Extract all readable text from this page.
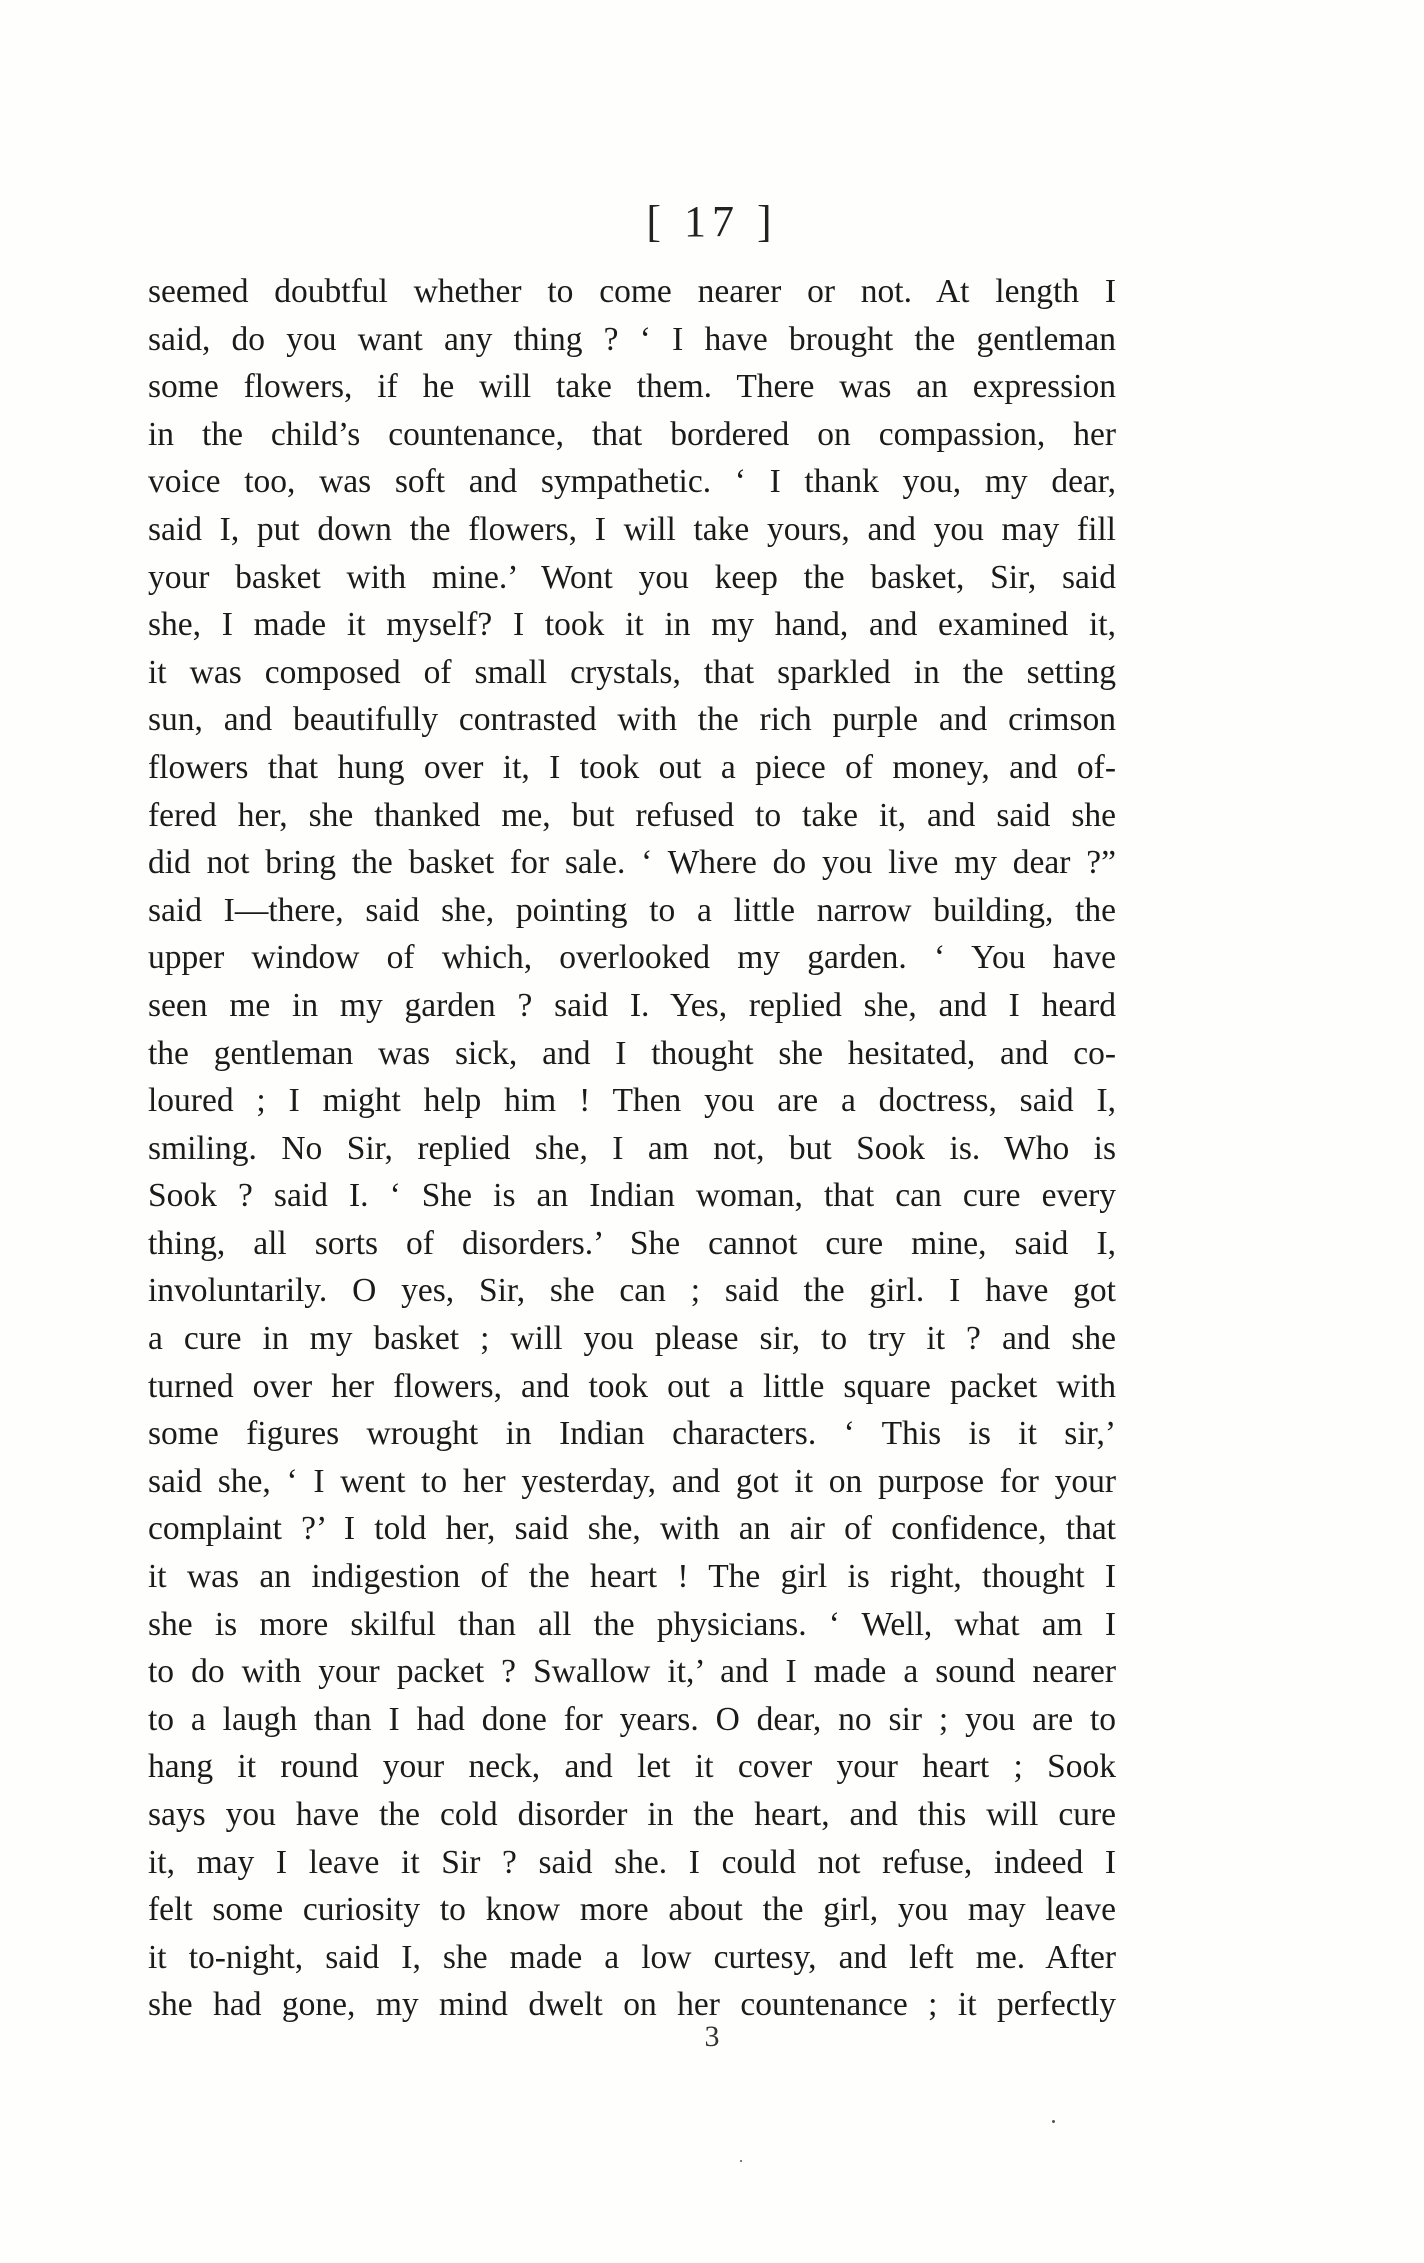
[ 17 ]
seemed doubtful whether to come nearer or not. At length I
said, do you want any thing ? ‘ I have brought the gentleman
some flowers, if he will take them. There was an expression
in the child’s countenance, that bordered on compassion, her
voice too, was soft and sympathetic. ‘ I thank you, my dear,
said I, put down the flowers, I will take yours, and you may fill
your basket with mine.’ Wont you keep the basket, Sir, said
she, I made it myself? I took it in my hand, and examined it,
it was composed of small crystals, that sparkled in the setting
sun, and beautifully contrasted with the rich purple and crimson
flowers that hung over it, I took out a piece of money, and of-
fered her, she thanked me, but refused to take it, and said she
did not bring the basket for sale. ‘ Where do you live my dear ?”
said I—there, said she, pointing to a little narrow building, the
upper window of which, overlooked my garden. ‘ You have
seen me in my garden ? said I. Yes, replied she, and I heard
the gentleman was sick, and I thought she hesitated, and co-
loured ; I might help him ! Then you are a doctress, said I,
smiling. No Sir, replied she, I am not, but Sook is. Who is
Sook ? said I. ‘ She is an Indian woman, that can cure every
thing, all sorts of disorders.’ She cannot cure mine, said I,
involuntarily. O yes, Sir, she can ; said the girl. I have got
a cure in my basket ; will you please sir, to try it ? and she
turned over her flowers, and took out a little square packet with
some figures wrought in Indian characters. ‘ This is it sir,’
said she, ‘ I went to her yesterday, and got it on purpose for your
complaint ?’ I told her, said she, with an air of confidence, that
it was an indigestion of the heart ! The girl is right, thought I
she is more skilful than all the physicians. ‘ Well, what am I
to do with your packet ? Swallow it,’ and I made a sound nearer
to a laugh than I had done for years. O dear, no sir ; you are to
hang it round your neck, and let it cover your heart ; Sook
says you have the cold disorder in the heart, and this will cure
it, may I leave it Sir ? said she. I could not refuse, indeed I
felt some curiosity to know more about the girl, you may leave
it to-night, said I, she made a low curtesy, and left me. After
she had gone, my mind dwelt on her countenance ; it perfectly
3
